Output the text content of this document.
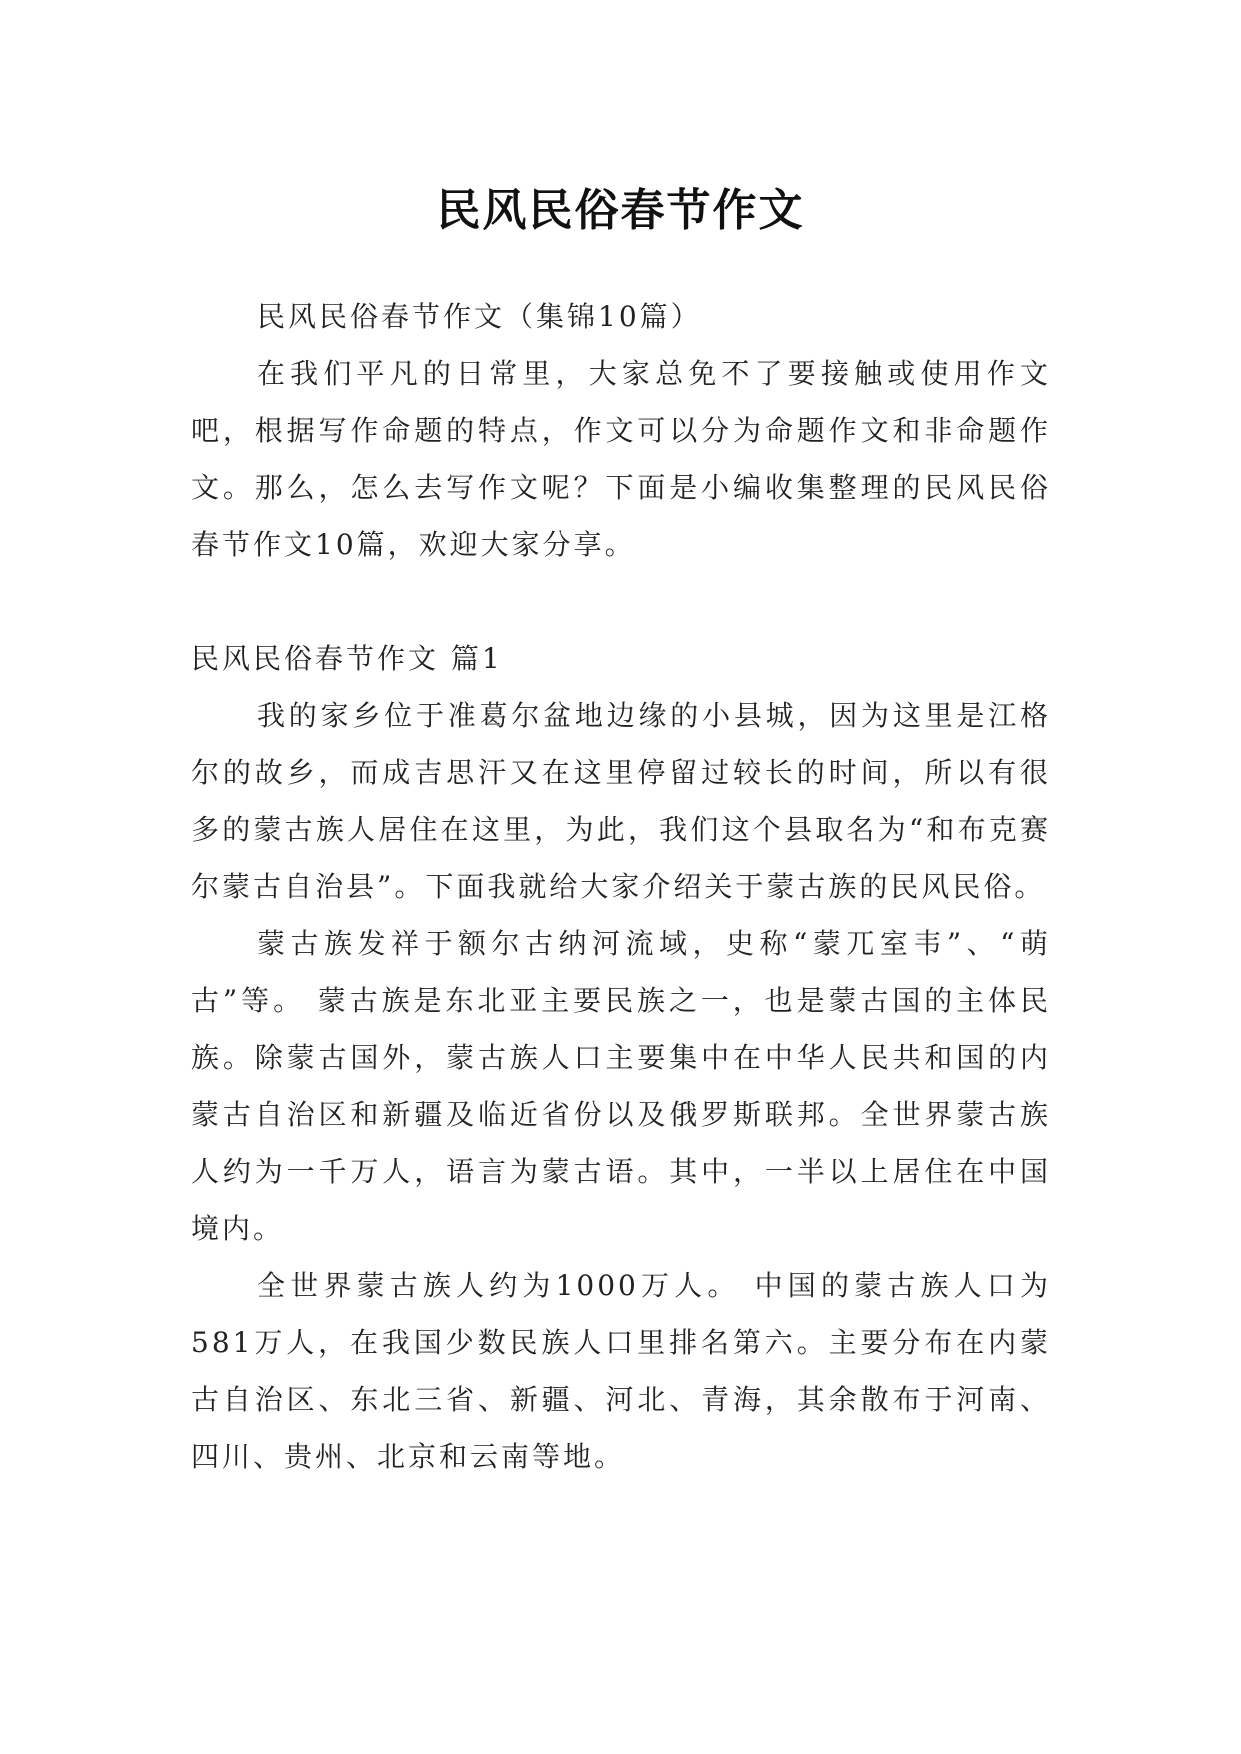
民风民俗春节作文

民风民俗春节作文（集锦10篇）

在我们平凡的日常里，大家总免不了要接触或使用作文吧，根据写作命题的特点，作文可以分为命题作文和非命题作文。那么，怎么去写作文呢？下面是小编收集整理的民风民俗春节作文10篇，欢迎大家分享。

民风民俗春节作文 篇1

我的家乡位于准葛尔盆地边缘的小县城，因为这里是江格尔的故乡，而成吉思汗又在这里停留过较长的时间，所以有很多的蒙古族人居住在这里，为此，我们这个县取名为“和布克赛尔蒙古自治县”。下面我就给大家介绍关于蒙古族的民风民俗。

蒙古族发祥于额尔古纳河流域，史称“蒙兀室韦”、“萌古”等。 蒙古族是东北亚主要民族之一，也是蒙古国的主体民族。除蒙古国外，蒙古族人口主要集中在中华人民共和国的内蒙古自治区和新疆及临近省份以及俄罗斯联邦。全世界蒙古族人约为一千万人，语言为蒙古语。其中，一半以上居住在中国境内。

全世界蒙古族人约为1000万人。 中国的蒙古族人口为581万人，在我国少数民族人口里排名第六。主要分布在内蒙古自治区、东北三省、新疆、河北、青海，其余散布于河南、四川、贵州、北京和云南等地。
